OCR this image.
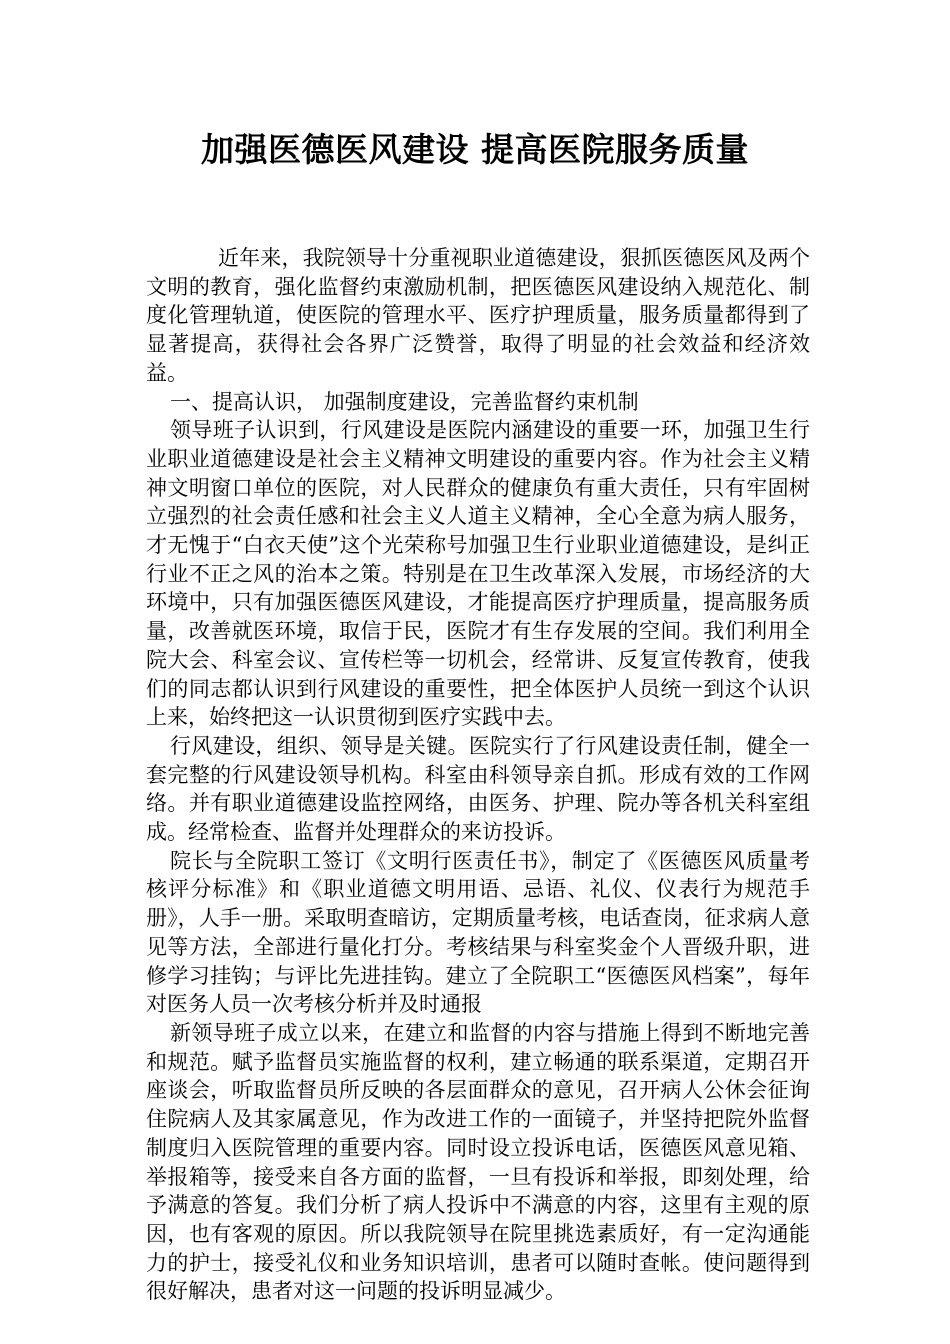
加强医德医风建设 提高医院服务质量

近年来，我院领导十分重视职业道德建设，狠抓医德医风及两个文明的教育，强化监督约束激励机制，把医德医风建设纳入规范化、制度化管理轨道，使医院的管理水平、医疗护理质量，服务质量都得到了显著提高，获得社会各界广泛赞誉，取得了明显的社会效益和经济效益。

一、提高认识， 加强制度建设，完善监督约束机制

领导班子认识到，行风建设是医院内涵建设的重要一环，加强卫生行业职业道德建设是社会主义精神文明建设的重要内容。作为社会主义精神文明窗口单位的医院，对人民群众的健康负有重大责任，只有牢固树立强烈的社会责任感和社会主义人道主义精神，全心全意为病人服务，才无愧于“白衣天使”这个光荣称号加强卫生行业职业道德建设，是纠正行业不正之风的治本之策。特别是在卫生改革深入发展，市场经济的大环境中，只有加强医德医风建设，才能提高医疗护理质量，提高服务质量，改善就医环境，取信于民，医院才有生存发展的空间。我们利用全院大会、科室会议、宣传栏等一切机会，经常讲、反复宣传教育，使我们的同志都认识到行风建设的重要性，把全体医护人员统一到这个认识上来，始终把这一认识贯彻到医疗实践中去。

行风建设，组织、领导是关键。医院实行了行风建设责任制，健全一套完整的行风建设领导机构。科室由科领导亲自抓。形成有效的工作网络。并有职业道德建设监控网络，由医务、护理、院办等各机关科室组成。经常检查、监督并处理群众的来访投诉。

院长与全院职工签订《文明行医责任书》，制定了《医德医风质量考核评分标准》和《职业道德文明用语、忌语、礼仪、仪表行为规范手册》，人手一册。采取明查暗访，定期质量考核，电话查岗，征求病人意见等方法，全部进行量化打分。考核结果与科室奖金个人晋级升职，进修学习挂钩；与评比先进挂钩。建立了全院职工“医德医风档案”，每年对医务人员一次考核分析并及时通报

新领导班子成立以来，在建立和监督的内容与措施上得到不断地完善和规范。赋予监督员实施监督的权利，建立畅通的联系渠道，定期召开座谈会，听取监督员所反映的各层面群众的意见，召开病人公休会征询住院病人及其家属意见，作为改进工作的一面镜子，并坚持把院外监督制度归入医院管理的重要内容。同时设立投诉电话，医德医风意见箱、举报箱等，接受来自各方面的监督，一旦有投诉和举报，即刻处理，给予满意的答复。我们分析了病人投诉中不满意的内容，这里有主观的原因，也有客观的原因。所以我院领导在院里挑选素质好，有一定沟通能力的护士，接受礼仪和业务知识培训，患者可以随时查帐。使问题得到很好解决，患者对这一问题的投诉明显减少。
